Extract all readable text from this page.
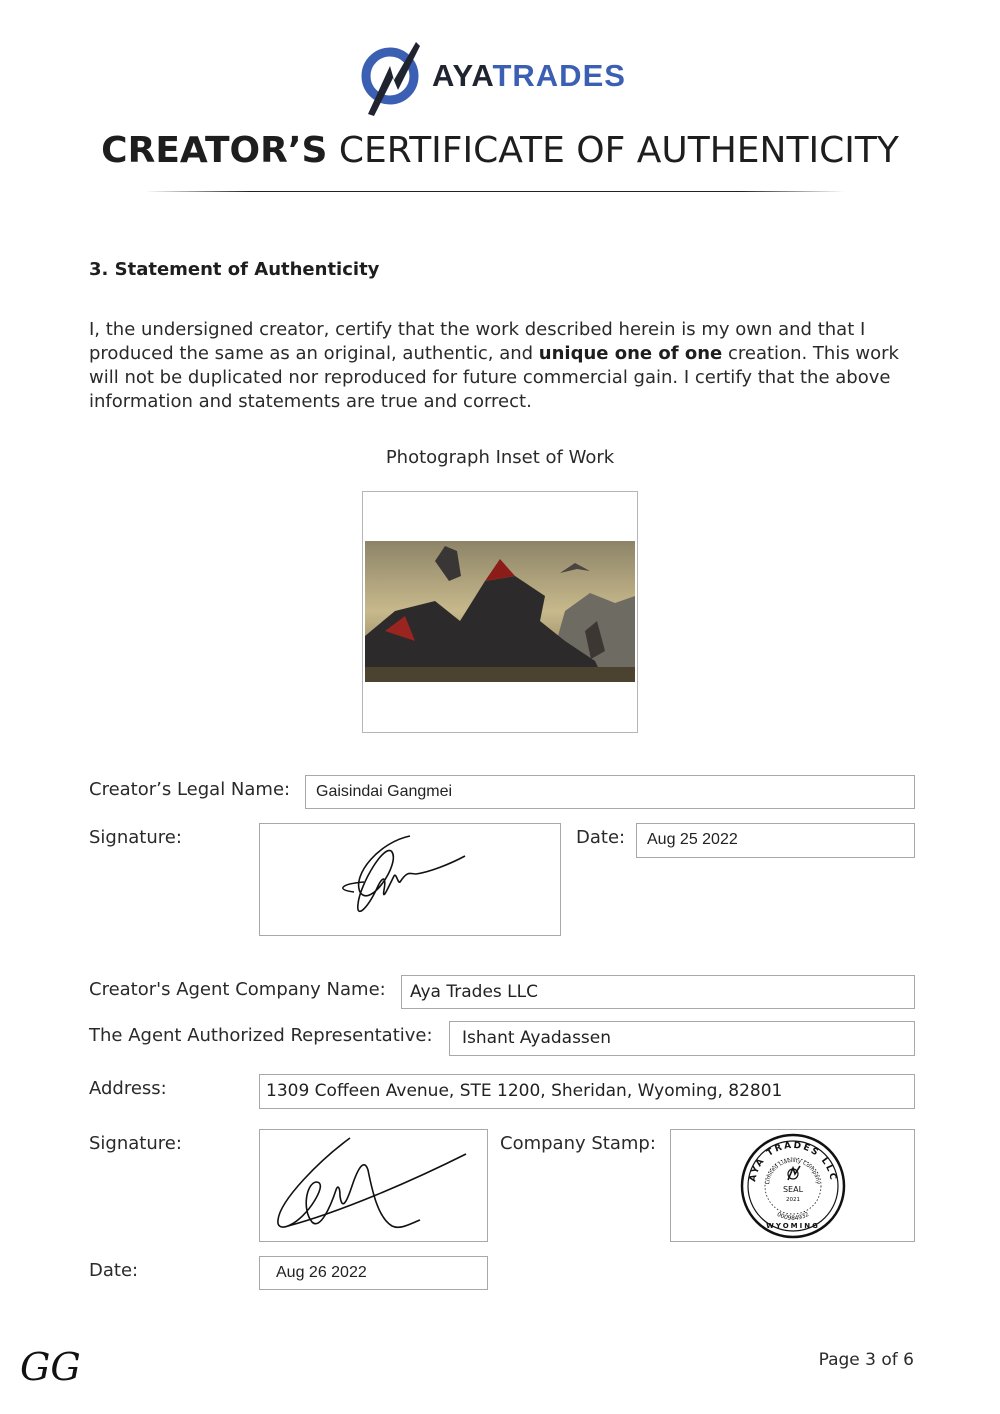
AYATRADES
CREATOR’S CERTIFICATE OF AUTHENTICITY
3. Statement of Authenticity
I, the undersigned creator, certify that the work described herein is my own and that I produced the same as an original, authentic, and unique one of one creation. This work will not be duplicated nor reproduced for future commercial gain. I certify that the above information and statements are true and correct.
Photograph Inset of Work
Creator’s Legal Name:	Gaisindai Gangmei
Signature:	Date:	Aug 25 2022
Creator's Agent Company Name:	Aya Trades LLC
The Agent Authorized Representative:	Ishant Ayadassen
Address:	1309 Coffeen Avenue, STE 1200, Sheridan, Wyoming, 82801
Signature:	Company Stamp:
AYA TRADES LLC
Limited Liability Company
000984932
WYOMING
SEAL
2021
Date:	Aug 26 2022
GG	Page 3 of 6
